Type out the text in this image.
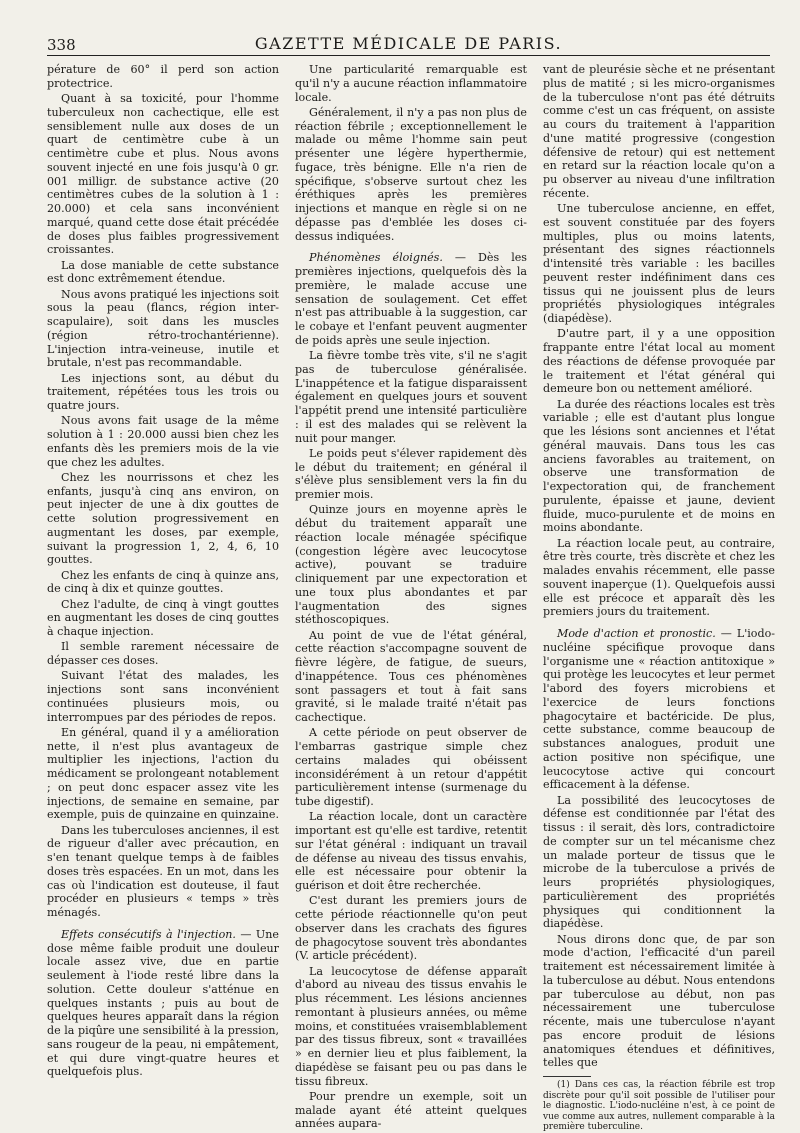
338	GAZETTE MÉDICALE DE PARIS.

pérature de 60° il perd son action protectrice.

Quant à sa toxicité, pour l'homme tuberculeux non cachectique, elle est sensiblement nulle aux doses de un quart de centimètre cube à un centimètre cube et plus. Nous avons souvent injecté en une fois jusqu'à 0 gr. 001 milligr. de substance active (20 centimètres cubes de la solution à 1 : 20.000) et cela sans inconvénient marqué, quand cette dose était précédée de doses plus faibles progressivement croissantes.

La dose maniable de cette substance est donc extrêmement étendue.

Nous avons pratiqué les injections soit sous la peau (flancs, région inter-scapulaire), soit dans les muscles (région rétro-trochantérienne). L'injection intra-veineuse, inutile et brutale, n'est pas recommandable.

Les injections sont, au début du traitement, répétées tous les trois ou quatre jours.

Nous avons fait usage de la même solution à 1 : 20.000 aussi bien chez les enfants dès les premiers mois de la vie que chez les adultes.

Chez les nourrissons et chez les enfants, jusqu'à cinq ans environ, on peut injecter de une à dix gouttes de cette solution progressivement en augmentant les doses, par exemple, suivant la progression 1, 2, 4, 6, 10 gouttes.

Chez les enfants de cinq à quinze ans, de cinq à dix et quinze gouttes.

Chez l'adulte, de cinq à vingt gouttes en augmentant les doses de cinq gouttes à chaque injection.

Il semble rarement nécessaire de dépasser ces doses.

Suivant l'état des malades, les injections sont sans inconvénient continuées plusieurs mois, ou interrompues par des périodes de repos.

En général, quand il y a amélioration nette, il n'est plus avantageux de multiplier les injections, l'action du médicament se prolongeant notablement ; on peut donc espacer assez vite les injections, de semaine en semaine, par exemple, puis de quinzaine en quinzaine.

Dans les tuberculoses anciennes, il est de rigueur d'aller avec précaution, en s'en tenant quelque temps à de faibles doses très espacées. En un mot, dans les cas où l'indication est douteuse, il faut procéder en plusieurs « temps » très ménagés.

Effets consécutifs à l'injection. — Une dose même faible produit une douleur locale assez vive, due en partie seulement à l'iode resté libre dans la solution. Cette douleur s'atténue en quelques instants ; puis au bout de quelques heures apparaît dans la région de la piqûre une sensibilité à la pression, sans rougeur de la peau, ni empâtement, et qui dure vingt-quatre heures et quelquefois plus.

Une particularité remarquable est qu'il n'y a aucune réaction inflammatoire locale.

Généralement, il n'y a pas non plus de réaction fébrile ; exceptionnellement le malade ou même l'homme sain peut présenter une légère hyperthermie, fugace, très bénigne. Elle n'a rien de spécifique, s'observe surtout chez les éréthiques après les premières injections et manque en règle si on ne dépasse pas d'emblée les doses ci-dessus indiquées.

Phénomènes éloignés. — Dès les premières injections, quelquefois dès la première, le malade accuse une sensation de soulagement. Cet effet n'est pas attribuable à la suggestion, car le cobaye et l'enfant peuvent augmenter de poids après une seule injection.

La fièvre tombe très vite, s'il ne s'agit pas de tuberculose généralisée. L'inappétence et la fatigue disparaissent également en quelques jours et souvent l'appétit prend une intensité particulière : il est des malades qui se relèvent la nuit pour manger.

Le poids peut s'élever rapidement dès le début du traitement; en général il s'élève plus sensiblement vers la fin du premier mois.

Quinze jours en moyenne après le début du traitement apparaît une réaction locale ménagée spécifique (congestion légère avec leucocytose active), pouvant se traduire cliniquement par une expectoration et une toux plus abondantes et par l'augmentation des signes stéthoscopiques.

Au point de vue de l'état général, cette réaction s'accompagne souvent de fièvre légère, de fatigue, de sueurs, d'inappétence. Tous ces phénomènes sont passagers et tout à fait sans gravité, si le malade traité n'était pas cachectique.

A cette période on peut observer de l'embarras gastrique simple chez certains malades qui obéissent inconsidérément à un retour d'appétit particulièrement intense (surmenage du tube digestif).

La réaction locale, dont un caractère important est qu'elle est tardive, retentit sur l'état général : indiquant un travail de défense au niveau des tissus envahis, elle est nécessaire pour obtenir la guérison et doit être recherchée.

C'est durant les premiers jours de cette période réactionnelle qu'on peut observer dans les crachats des figures de phagocytose souvent très abondantes (V. article précédent).

La leucocytose de défense apparaît d'abord au niveau des tissus envahis le plus récemment. Les lésions anciennes remontant à plusieurs années, ou même moins, et constituées vraisemblablement par des tissus fibreux, sont « travaillées » en dernier lieu et plus faiblement, la diapédèse se faisant peu ou pas dans le tissu fibreux.

Pour prendre un exemple, soit un malade ayant été atteint quelques années aupara-

vant de pleurésie sèche et ne présentant plus de matité ; si les micro-organismes de la tuberculose n'ont pas été détruits comme c'est un cas fréquent, on assiste au cours du traitement à l'apparition d'une matité progressive (congestion défensive de retour) qui est nettement en retard sur la réaction locale qu'on a pu observer au niveau d'une infiltration récente.

Une tuberculose ancienne, en effet, est souvent constituée par des foyers multiples, plus ou moins latents, présentant des signes réactionnels d'intensité très variable : les bacilles peuvent rester indéfiniment dans ces tissus qui ne jouissent plus de leurs propriétés physiologiques intégrales (diapédèse).

D'autre part, il y a une opposition frappante entre l'état local au moment des réactions de défense provoquée par le traitement et l'état général qui demeure bon ou nettement amélioré.

La durée des réactions locales est très variable ; elle est d'autant plus longue que les lésions sont anciennes et l'état général mauvais. Dans tous les cas anciens favorables au traitement, on observe une transformation de l'expectoration qui, de franchement purulente, épaisse et jaune, devient fluide, muco-purulente et de moins en moins abondante.

La réaction locale peut, au contraire, être très courte, très discrète et chez les malades envahis récemment, elle passe souvent inaperçue (1). Quelquefois aussi elle est précoce et apparaît dès les premiers jours du traitement.

Mode d'action et pronostic. — L'iodo-nucléine spécifique provoque dans l'organisme une « réaction antitoxique » qui protège les leucocytes et leur permet l'abord des foyers microbiens et l'exercice de leurs fonctions phagocytaire et bactéricide. De plus, cette substance, comme beaucoup de substances analogues, produit une action positive non spécifique, une leucocytose active qui concourt efficacement à la défense.

La possibilité des leucocytoses de défense est conditionnée par l'état des tissus : il serait, dès lors, contradictoire de compter sur un tel mécanisme chez un malade porteur de tissus que le microbe de la tuberculose a privés de leurs propriétés physiologiques, particulièrement des propriétés physiques qui conditionnent la diapédèse.

Nous dirons donc que, de par son mode d'action, l'efficacité d'un pareil traitement est nécessairement limitée à la tuberculose au début. Nous entendons par tuberculose au début, non pas nécessairement une tuberculose récente, mais une tuberculose n'ayant pas encore produit de lésions anatomiques étendues et définitives, telles que

(1) Dans ces cas, la réaction fébrile est trop discrète pour qu'il soit possible de l'utiliser pour le diagnostic. L'iodo-nucléine n'est, à ce point de vue comme aux autres, nullement comparable à la première tuberculine.
